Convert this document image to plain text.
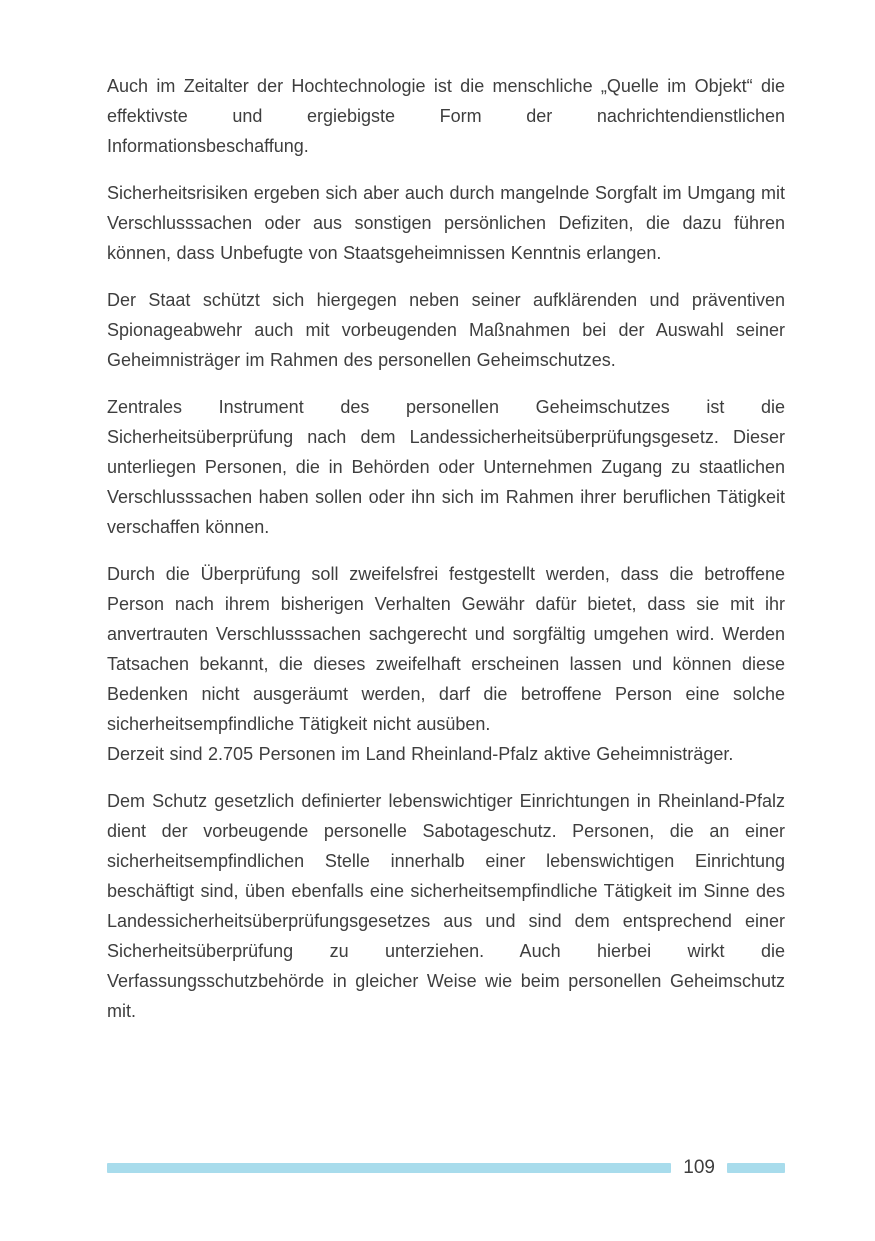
Auch im Zeitalter der Hochtechnologie ist die menschliche „Quelle im Objekt“ die effektivste und ergiebigste Form der nachrichtendienstlichen Informationsbeschaffung.

Sicherheitsrisiken ergeben sich aber auch durch mangelnde Sorgfalt im Umgang mit Verschlusssachen oder aus sonstigen persönlichen Defiziten, die dazu führen können, dass Unbefugte von Staatsgeheimnissen Kenntnis erlangen.

Der Staat schützt sich hiergegen neben seiner aufklärenden und präventiven Spionageabwehr auch mit vorbeugenden Maßnahmen bei der Auswahl seiner Geheimnisträger im Rahmen des personellen Geheimschutzes.

Zentrales Instrument des personellen Geheimschutzes ist die Sicherheitsüberprüfung nach dem Landessicherheitsüberprüfungsgesetz. Dieser unterliegen Personen, die in Behörden oder Unternehmen Zugang zu staatlichen Verschlusssachen haben sollen oder ihn sich im Rahmen ihrer beruflichen Tätigkeit verschaffen können.

Durch die Überprüfung soll zweifelsfrei festgestellt werden, dass die betroffene Person nach ihrem bisherigen Verhalten Gewähr dafür bietet, dass sie mit ihr anvertrauten Verschlusssachen sachgerecht und sorgfältig umgehen wird. Werden Tatsachen bekannt, die dieses zweifelhaft erscheinen lassen und können diese Bedenken nicht ausgeräumt werden, darf die betroffene Person eine solche sicherheitsempfindliche Tätigkeit nicht ausüben.

Derzeit sind 2.705 Personen im Land Rheinland-Pfalz aktive Geheimnisträger.

Dem Schutz gesetzlich definierter lebenswichtiger Einrichtungen in Rheinland-Pfalz dient der vorbeugende personelle Sabotageschutz. Personen, die an einer sicherheitsempfindlichen Stelle innerhalb einer lebenswichtigen Einrichtung beschäftigt sind, üben ebenfalls eine sicherheitsempfindliche Tätigkeit im Sinne des Landessicherheitsüberprüfungsgesetzes aus und sind dem entsprechend einer Sicherheitsüberprüfung zu unterziehen. Auch hierbei wirkt die Verfassungsschutzbehörde in gleicher Weise wie beim personellen Geheimschutz mit.

109
